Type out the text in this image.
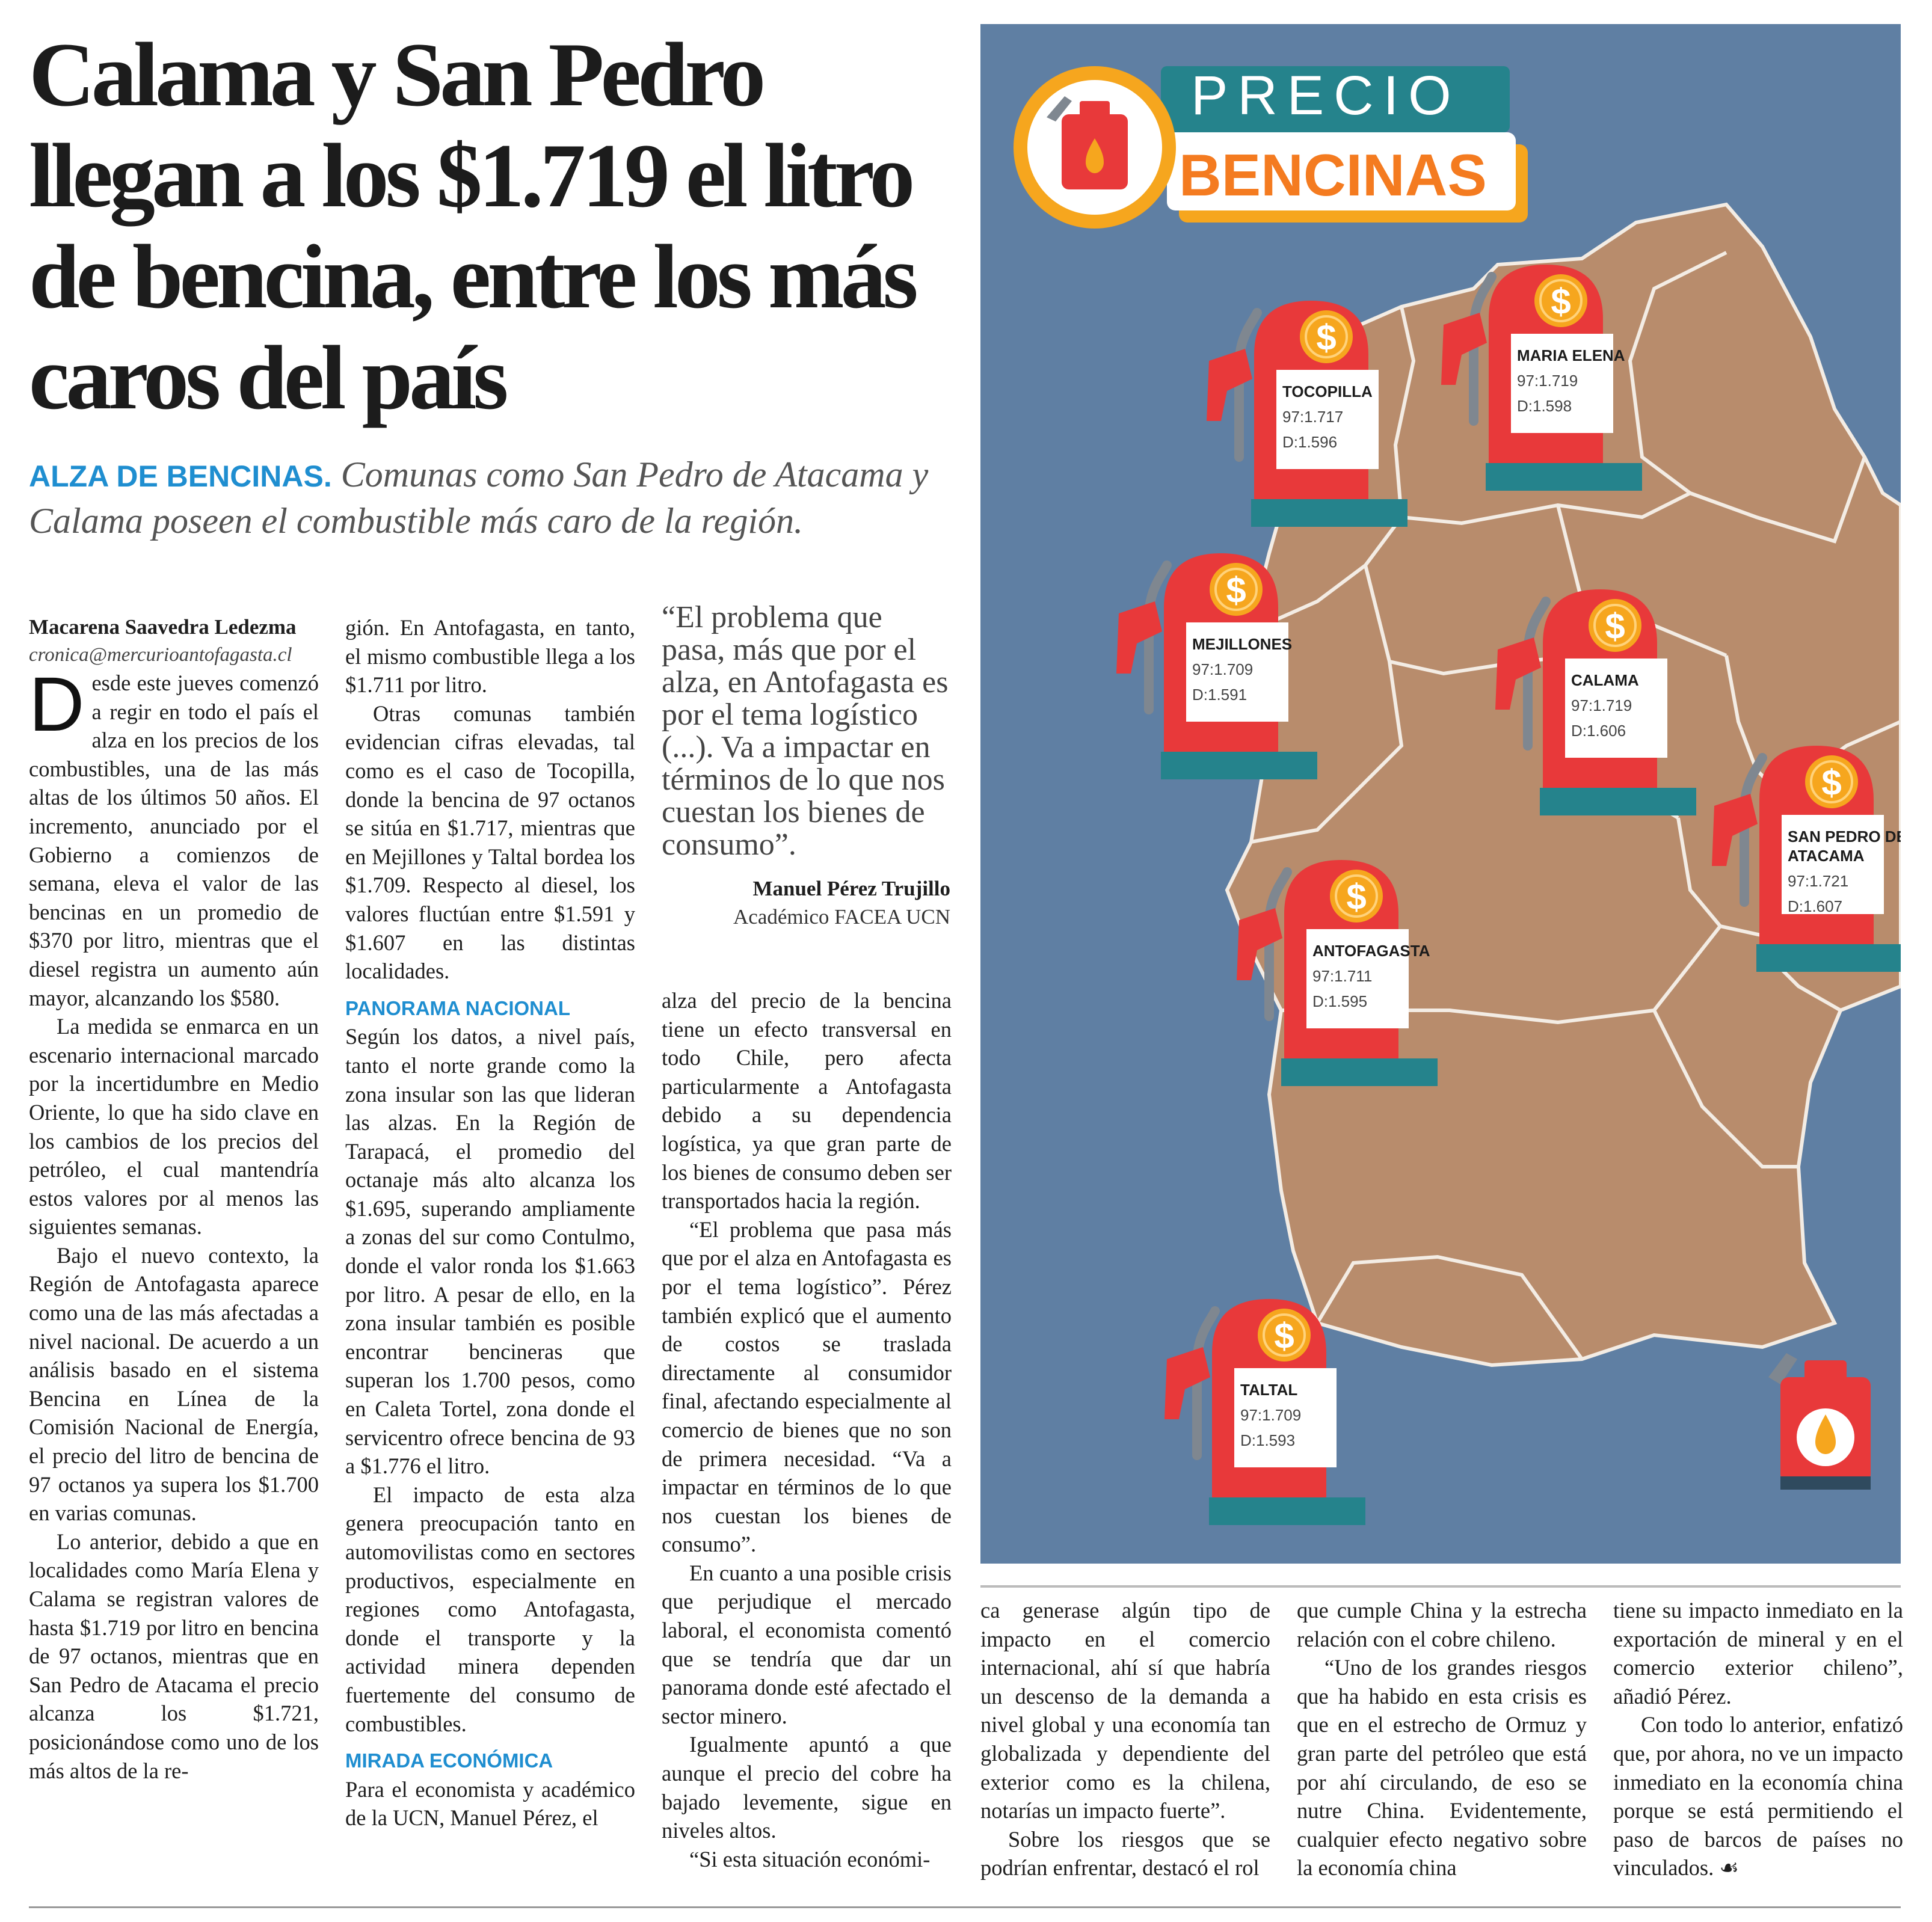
Calama y San Pedro llegan a los $1.719 el litro de bencina, entre los más caros del país

ALZA DE BENCINAS. Comunas como San Pedro de Atacama y Calama poseen el combustible más caro de la región.

Macarena Saavedra Ledezma

cronica@mercurioantofagasta.cl

Desde este jueves comenzó a regir en todo el país el alza en los precios de los combustibles, una de las más altas de los últimos 50 años. El incremento, anunciado por el Gobierno a comienzos de semana, eleva el valor de las bencinas en un promedio de $370 por litro, mientras que el diesel registra un aumento aún mayor, alcanzando los $580.

La medida se enmarca en un escenario internacional marcado por la incertidumbre en Medio Oriente, lo que ha sido clave en los cambios de los precios del petróleo, el cual mantendría estos valores por al menos las siguientes semanas.

Bajo el nuevo contexto, la Región de Antofagasta aparece como una de las más afectadas a nivel nacional. De acuerdo a un análisis basado en el sistema Bencina en Línea de la Comisión Nacional de Energía, el precio del litro de bencina de 97 octanos ya supera los $1.700 en varias comunas.

Lo anterior, debido a que en localidades como María Elena y Calama se registran valores de hasta $1.719 por litro en bencina de 97 octanos, mientras que en San Pedro de Atacama el precio alcanza los $1.721, posicionándose como uno de los más altos de la re-

gión. En Antofagasta, en tanto, el mismo combustible llega a los $1.711 por litro.

Otras comunas también evidencian cifras elevadas, tal como es el caso de Tocopilla, donde la bencina de 97 octanos se sitúa en $1.717, mientras que en Mejillones y Taltal bordea los $1.709. Respecto al diesel, los valores fluctúan entre $1.591 y $1.607 en las distintas localidades.

PANORAMA NACIONAL

Según los datos, a nivel país, tanto el norte grande como la zona insular son las que lideran las alzas. En la Región de Tarapacá, el promedio del octanaje más alto alcanza los $1.695, superando ampliamente a zonas del sur como Contulmo, donde el valor ronda los $1.663 por litro. A pesar de ello, en la zona insular también es posible encontrar bencineras que superan los 1.700 pesos, como en Caleta Tortel, zona donde el servicentro ofrece bencina de 93 a $1.776 el litro.

El impacto de esta alza genera preocupación tanto en automovilistas como en sectores productivos, especialmente en regiones como Antofagasta, donde el transporte y la actividad minera dependen fuertemente del consumo de combustibles.

MIRADA ECONÓMICA

Para el economista y académico de la UCN, Manuel Pérez, el

“El problema que pasa, más que por el alza, en Antofagasta es por el tema logístico (...). Va a impactar en términos de lo que nos cuestan los bienes de consumo”.

Manuel Pérez Trujillo

Académico FACEA UCN

alza del precio de la bencina tiene un efecto transversal en todo Chile, pero afecta particularmente a Antofagasta debido a su dependencia logística, ya que gran parte de los bienes de consumo deben ser transportados hacia la región.

“El problema que pasa más que por el alza en Antofagasta es por el tema logístico”. Pérez también explicó que el aumento de costos se traslada directamente al consumidor final, afectando especialmente al comercio de bienes que no son de primera necesidad. “Va a impactar en términos de lo que nos cuestan los bienes de consumo”.

En cuanto a una posible crisis que perjudique el mercado laboral, el economista comentó que se tendría que dar un panorama donde esté afectado el sector minero.

Igualmente apuntó a que aunque el precio del cobre ha bajado levemente, sigue en niveles altos.

“Si esta situación económi-

PRECIO
BENCINAS
$
TOCOPILLA
97:1.717
D:1.596
$
MARIA ELENA
97:1.719
D:1.598
$
MEJILLONES
97:1.709
D:1.591
$
CALAMA
97:1.719
D:1.606
$
SAN PEDRO DE
ATACAMA
97:1.721
D:1.607
$
ANTOFAGASTA
97:1.711
D:1.595
$
TALTAL
97:1.709
D:1.593

ca generase algún tipo de impacto en el comercio internacional, ahí sí que habría un descenso de la demanda a nivel global y una economía tan globalizada y dependiente del exterior como es la chilena, notarías un impacto fuerte”.

Sobre los riesgos que se podrían enfrentar, destacó el rol

que cumple China y la estrecha relación con el cobre chileno.

“Uno de los grandes riesgos que ha habido en esta crisis es que en el estrecho de Ormuz y gran parte del petróleo que está por ahí circulando, de eso se nutre China. Evidentemente, cualquier efecto negativo sobre la economía china

tiene su impacto inmediato en la exportación de mineral y en el comercio exterior chileno”, añadió Pérez.

Con todo lo anterior, enfatizó que, por ahora, no ve un impacto inmediato en la economía china porque se está permitiendo el paso de barcos de países no vinculados. ☙
